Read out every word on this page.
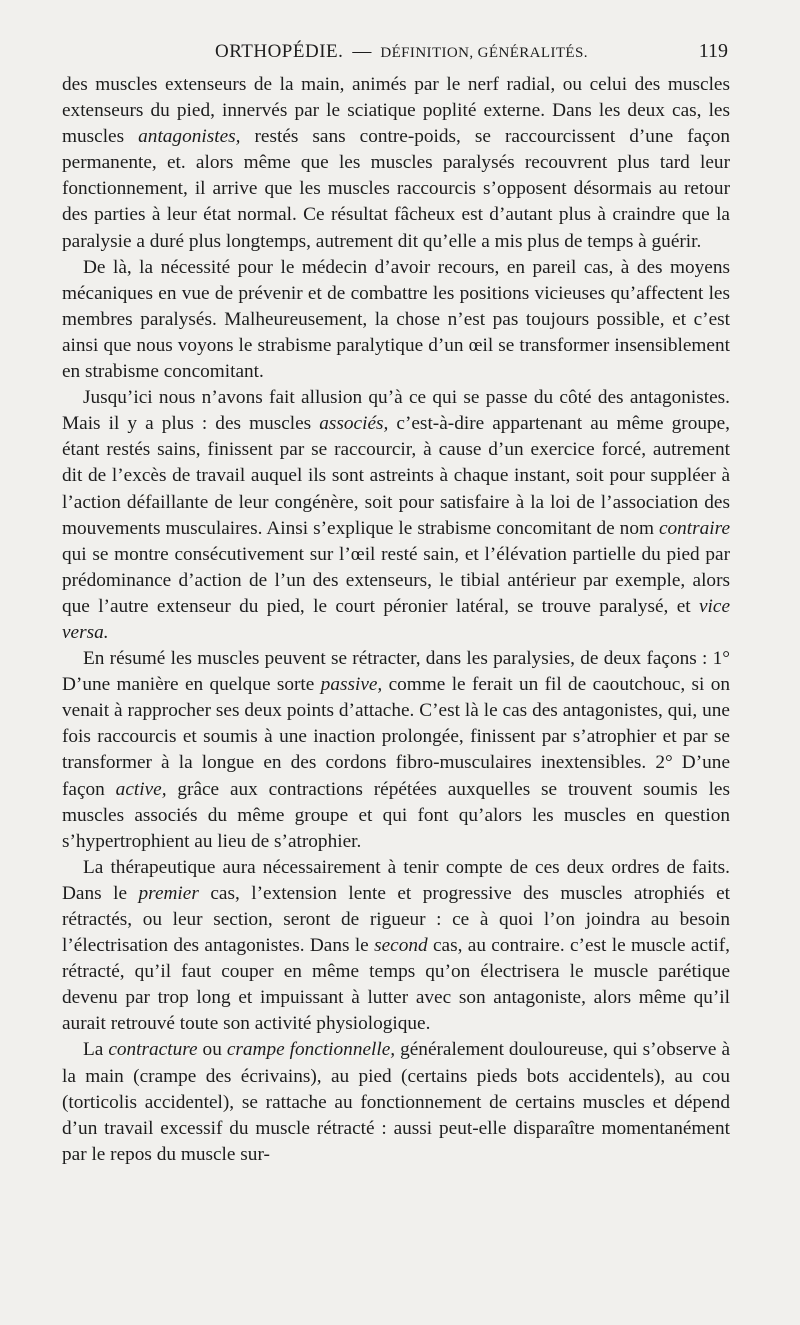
ORTHOPÉDIE. — DÉFINITION, GÉNÉRALITÉS.	119

des muscles extenseurs de la main, animés par le nerf radial, ou celui des muscles extenseurs du pied, innervés par le sciatique poplité externe. Dans les deux cas, les muscles antagonistes, restés sans contre-poids, se raccourcissent d’une façon permanente, et. alors même que les muscles paralysés recouvrent plus tard leur fonctionnement, il arrive que les muscles raccourcis s’opposent désormais au retour des parties à leur état normal. Ce résultat fâcheux est d’autant plus à craindre que la paralysie a duré plus longtemps, autrement dit qu’elle a mis plus de temps à guérir.

De là, la nécessité pour le médecin d’avoir recours, en pareil cas, à des moyens mécaniques en vue de prévenir et de combattre les positions vicieuses qu’affectent les membres paralysés. Malheureusement, la chose n’est pas toujours possible, et c’est ainsi que nous voyons le strabisme paralytique d’un œil se transformer insensiblement en strabisme concomitant.

Jusqu’ici nous n’avons fait allusion qu’à ce qui se passe du côté des antagonistes. Mais il y a plus : des muscles associés, c’est-à-dire appartenant au même groupe, étant restés sains, finissent par se raccourcir, à cause d’un exercice forcé, autrement dit de l’excès de travail auquel ils sont astreints à chaque instant, soit pour suppléer à l’action défaillante de leur congénère, soit pour satisfaire à la loi de l’association des mouvements musculaires. Ainsi s’explique le strabisme concomitant de nom contraire qui se montre consécutivement sur l’œil resté sain, et l’élévation partielle du pied par prédominance d’action de l’un des extenseurs, le tibial antérieur par exemple, alors que l’autre extenseur du pied, le court péronier latéral, se trouve paralysé, et vice versa.

En résumé les muscles peuvent se rétracter, dans les paralysies, de deux façons : 1° D’une manière en quelque sorte passive, comme le ferait un fil de caoutchouc, si on venait à rapprocher ses deux points d’attache. C’est là le cas des antagonistes, qui, une fois raccourcis et soumis à une inaction prolongée, finissent par s’atrophier et par se transformer à la longue en des cordons fibro-musculaires inextensibles. 2° D’une façon active, grâce aux contractions répétées auxquelles se trouvent soumis les muscles associés du même groupe et qui font qu’alors les muscles en question s’hypertrophient au lieu de s’atrophier.

La thérapeutique aura nécessairement à tenir compte de ces deux ordres de faits. Dans le premier cas, l’extension lente et progressive des muscles atrophiés et rétractés, ou leur section, seront de rigueur : ce à quoi l’on joindra au besoin l’électrisation des antagonistes. Dans le second cas, au contraire. c’est le muscle actif, rétracté, qu’il faut couper en même temps qu’on électrisera le muscle parétique devenu par trop long et impuissant à lutter avec son antagoniste, alors même qu’il aurait retrouvé toute son activité physiologique.

La contracture ou crampe fonctionnelle, généralement douloureuse, qui s’observe à la main (crampe des écrivains), au pied (certains pieds bots accidentels), au cou (torticolis accidentel), se rattache au fonctionnement de certains muscles et dépend d’un travail excessif du muscle rétracté : aussi peut-elle disparaître momentanément par le repos du muscle sur-
